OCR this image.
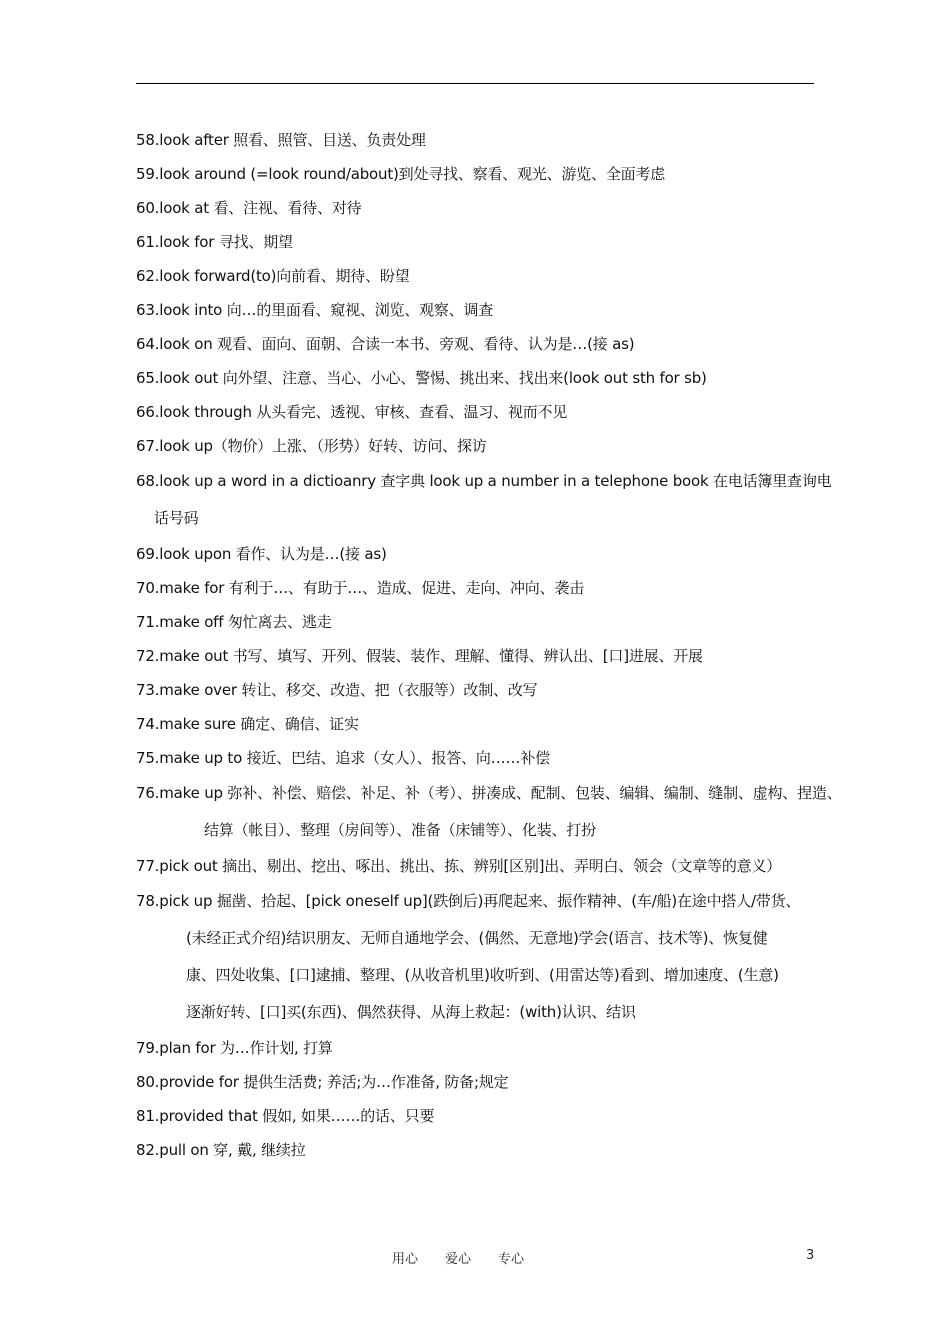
58.look after 照看、照管、目送、负责处理
59.look around (=look round/about)到处寻找、察看、观光、游览、全面考虑
60.look at 看、注视、看待、对待
61.look for 寻找、期望
62.look forward(to)向前看、期待、盼望
63.look into 向…的里面看、窥视、浏览、观察、调查
64.look on 观看、面向、面朝、合读一本书、旁观、看待、认为是…(接 as)
65.look out 向外望、注意、当心、小心、警惕、挑出来、找出来(look out sth for sb)
66.look through 从头看完、透视、审核、查看、温习、视而不见
67.look up（物价）上涨、（形势）好转、访问、探访
68.look up a word in a dictioanry 查字典 look up a number in a telephone book 在电话簿里查询电
话号码
69.look upon 看作、认为是…(接 as)
70.make for 有利于…、有助于…、造成、促进、走向、冲向、袭击
71.make off 匆忙离去、逃走
72.make out 书写、填写、开列、假装、装作、理解、懂得、辨认出、[口]进展、开展
73.make over 转让、移交、改造、把（衣服等）改制、改写
74.make sure 确定、确信、证实
75.make up to 接近、巴结、追求（女人）、报答、向……补偿
76.make up 弥补、补偿、赔偿、补足、补（考）、拼凑成、配制、包装、编辑、编制、缝制、虚构、捏造、
结算（帐目）、整理（房间等）、准备（床铺等）、化装、打扮
77.pick out 摘出、剔出、挖出、啄出、挑出、拣、辨别[区别]出、弄明白、领会（文章等的意义）
78.pick up 掘凿、拾起、[pick oneself up](跌倒后)再爬起来、振作精神、(车/船)在途中搭人/带货、
(未经正式介绍)结识朋友、无师自通地学会、(偶然、无意地)学会(语言、技术等)、恢复健
康、四处收集、[口]逮捕、整理、(从收音机里)收听到、(用雷达等)看到、增加速度、(生意)
逐渐好转、[口]买(东西)、偶然获得、从海上救起：(with)认识、结识
79.plan for 为…作计划, 打算
80.provide for 提供生活费; 养活;为…作准备, 防备;规定
81.provided that 假如, 如果……的话、只要
82.pull on 穿, 戴, 继续拉
用心 爱心 专心	3
